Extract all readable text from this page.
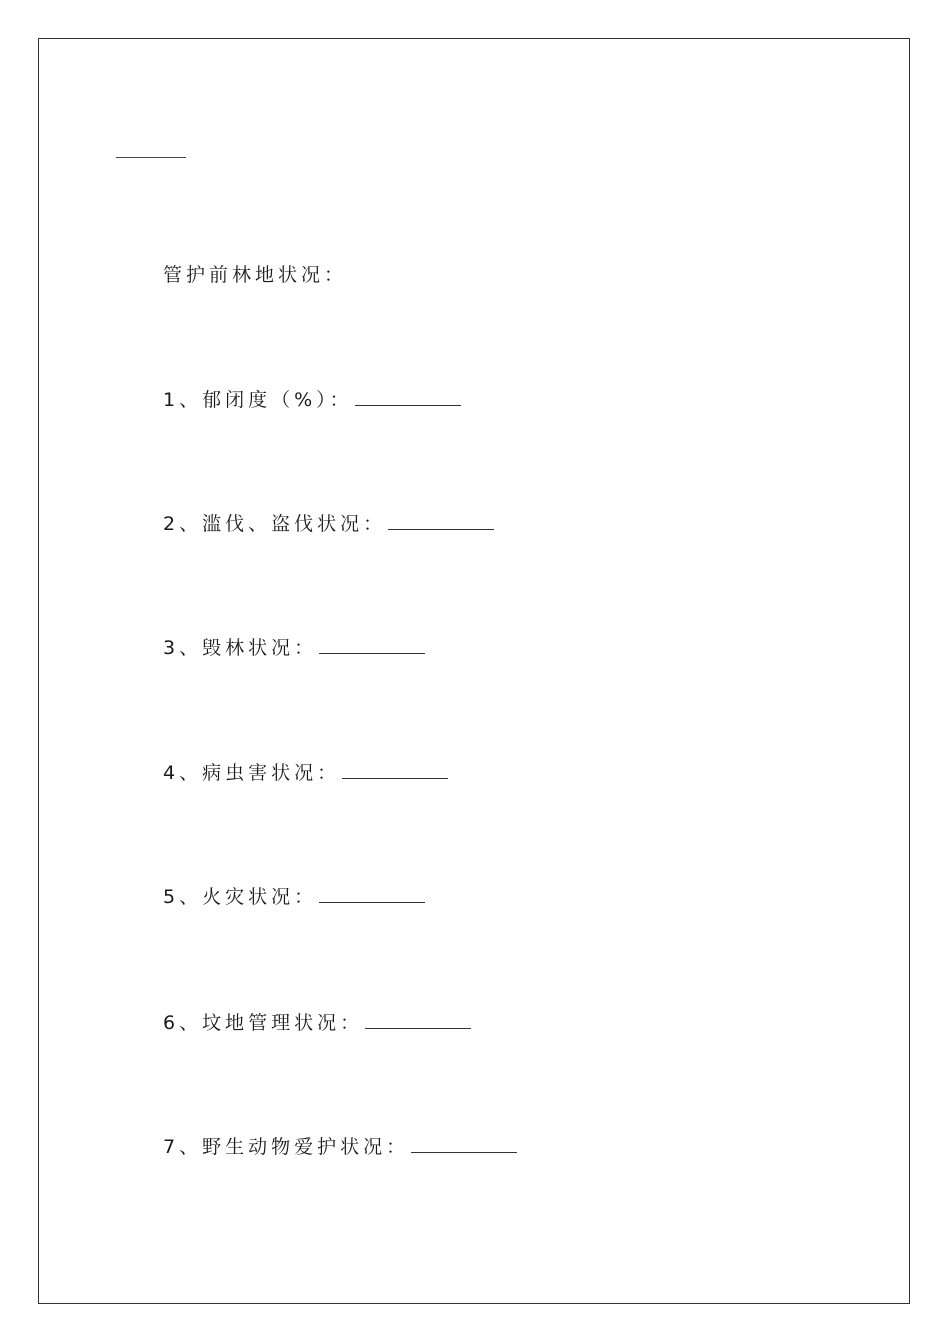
管护前林地状况：
1、郁闭度（%）：
2、滥伐、盗伐状况：
3、毁林状况：
4、病虫害状况：
5、火灾状况：
6、坟地管理状况：
7、野生动物爱护状况：
